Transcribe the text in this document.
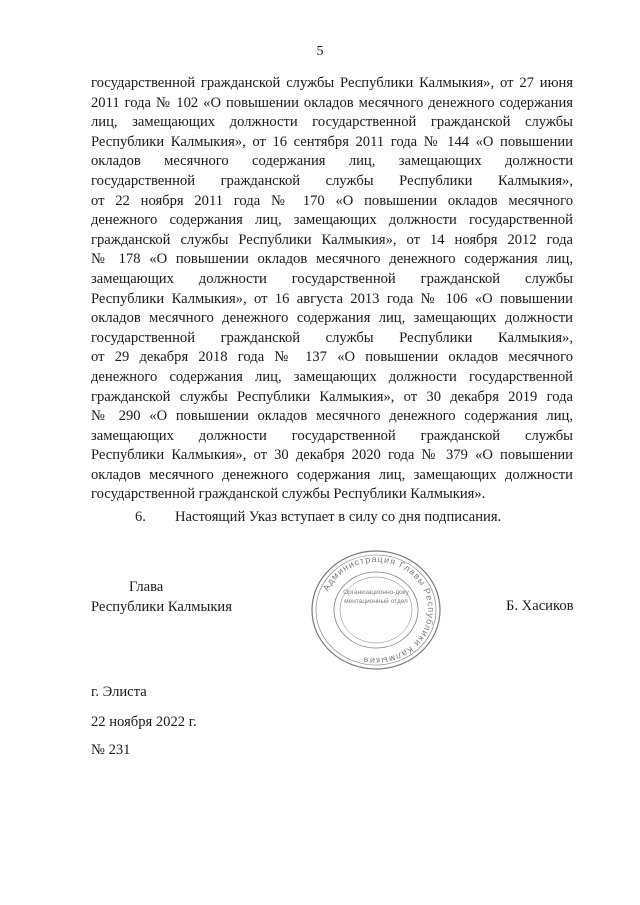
5
государственной гражданской службы Республики Калмыкия», от 27 июня
2011 года № 102 «О повышении окладов месячного денежного содержания
лиц, замещающих должности государственной гражданской службы
Республики Калмыкия», от 16 сентября 2011 года № 144 «О повышении
окладов месячного содержания лиц, замещающих должности
государственной гражданской службы Республики Калмыкия»,
от 22 ноября 2011 года № 170 «О повышении окладов месячного
денежного содержания лиц, замещающих должности государственной
гражданской службы Республики Калмыкия», от 14 ноября 2012 года
№ 178 «О повышении окладов месячного денежного содержания лиц,
замещающих должности государственной гражданской службы
Республики Калмыкия», от 16 августа 2013 года № 106 «О повышении
окладов месячного денежного содержания лиц, замещающих должности
государственной гражданской службы Республики Калмыкия»,
от 29 декабря 2018 года № 137 «О повышении окладов месячного
денежного содержания лиц, замещающих должности государственной
гражданской службы Республики Калмыкия», от 30 декабря 2019 года
№ 290 «О повышении окладов месячного денежного содержания лиц,
замещающих должности государственной гражданской службы
Республики Калмыкия», от 30 декабря 2020 года № 379 «О повышении
окладов месячного денежного содержания лиц, замещающих должности
государственной гражданской службы Республики Калмыкия».
6. Настоящий Указ вступает в силу со дня подписания.
Глава
Республики Калмыкия
Администрация Главы Республики Калмыкия
Организационно-документационный отдел	Б. Хасиков
г. Элиста
22 ноября 2022 г.
№ 231
